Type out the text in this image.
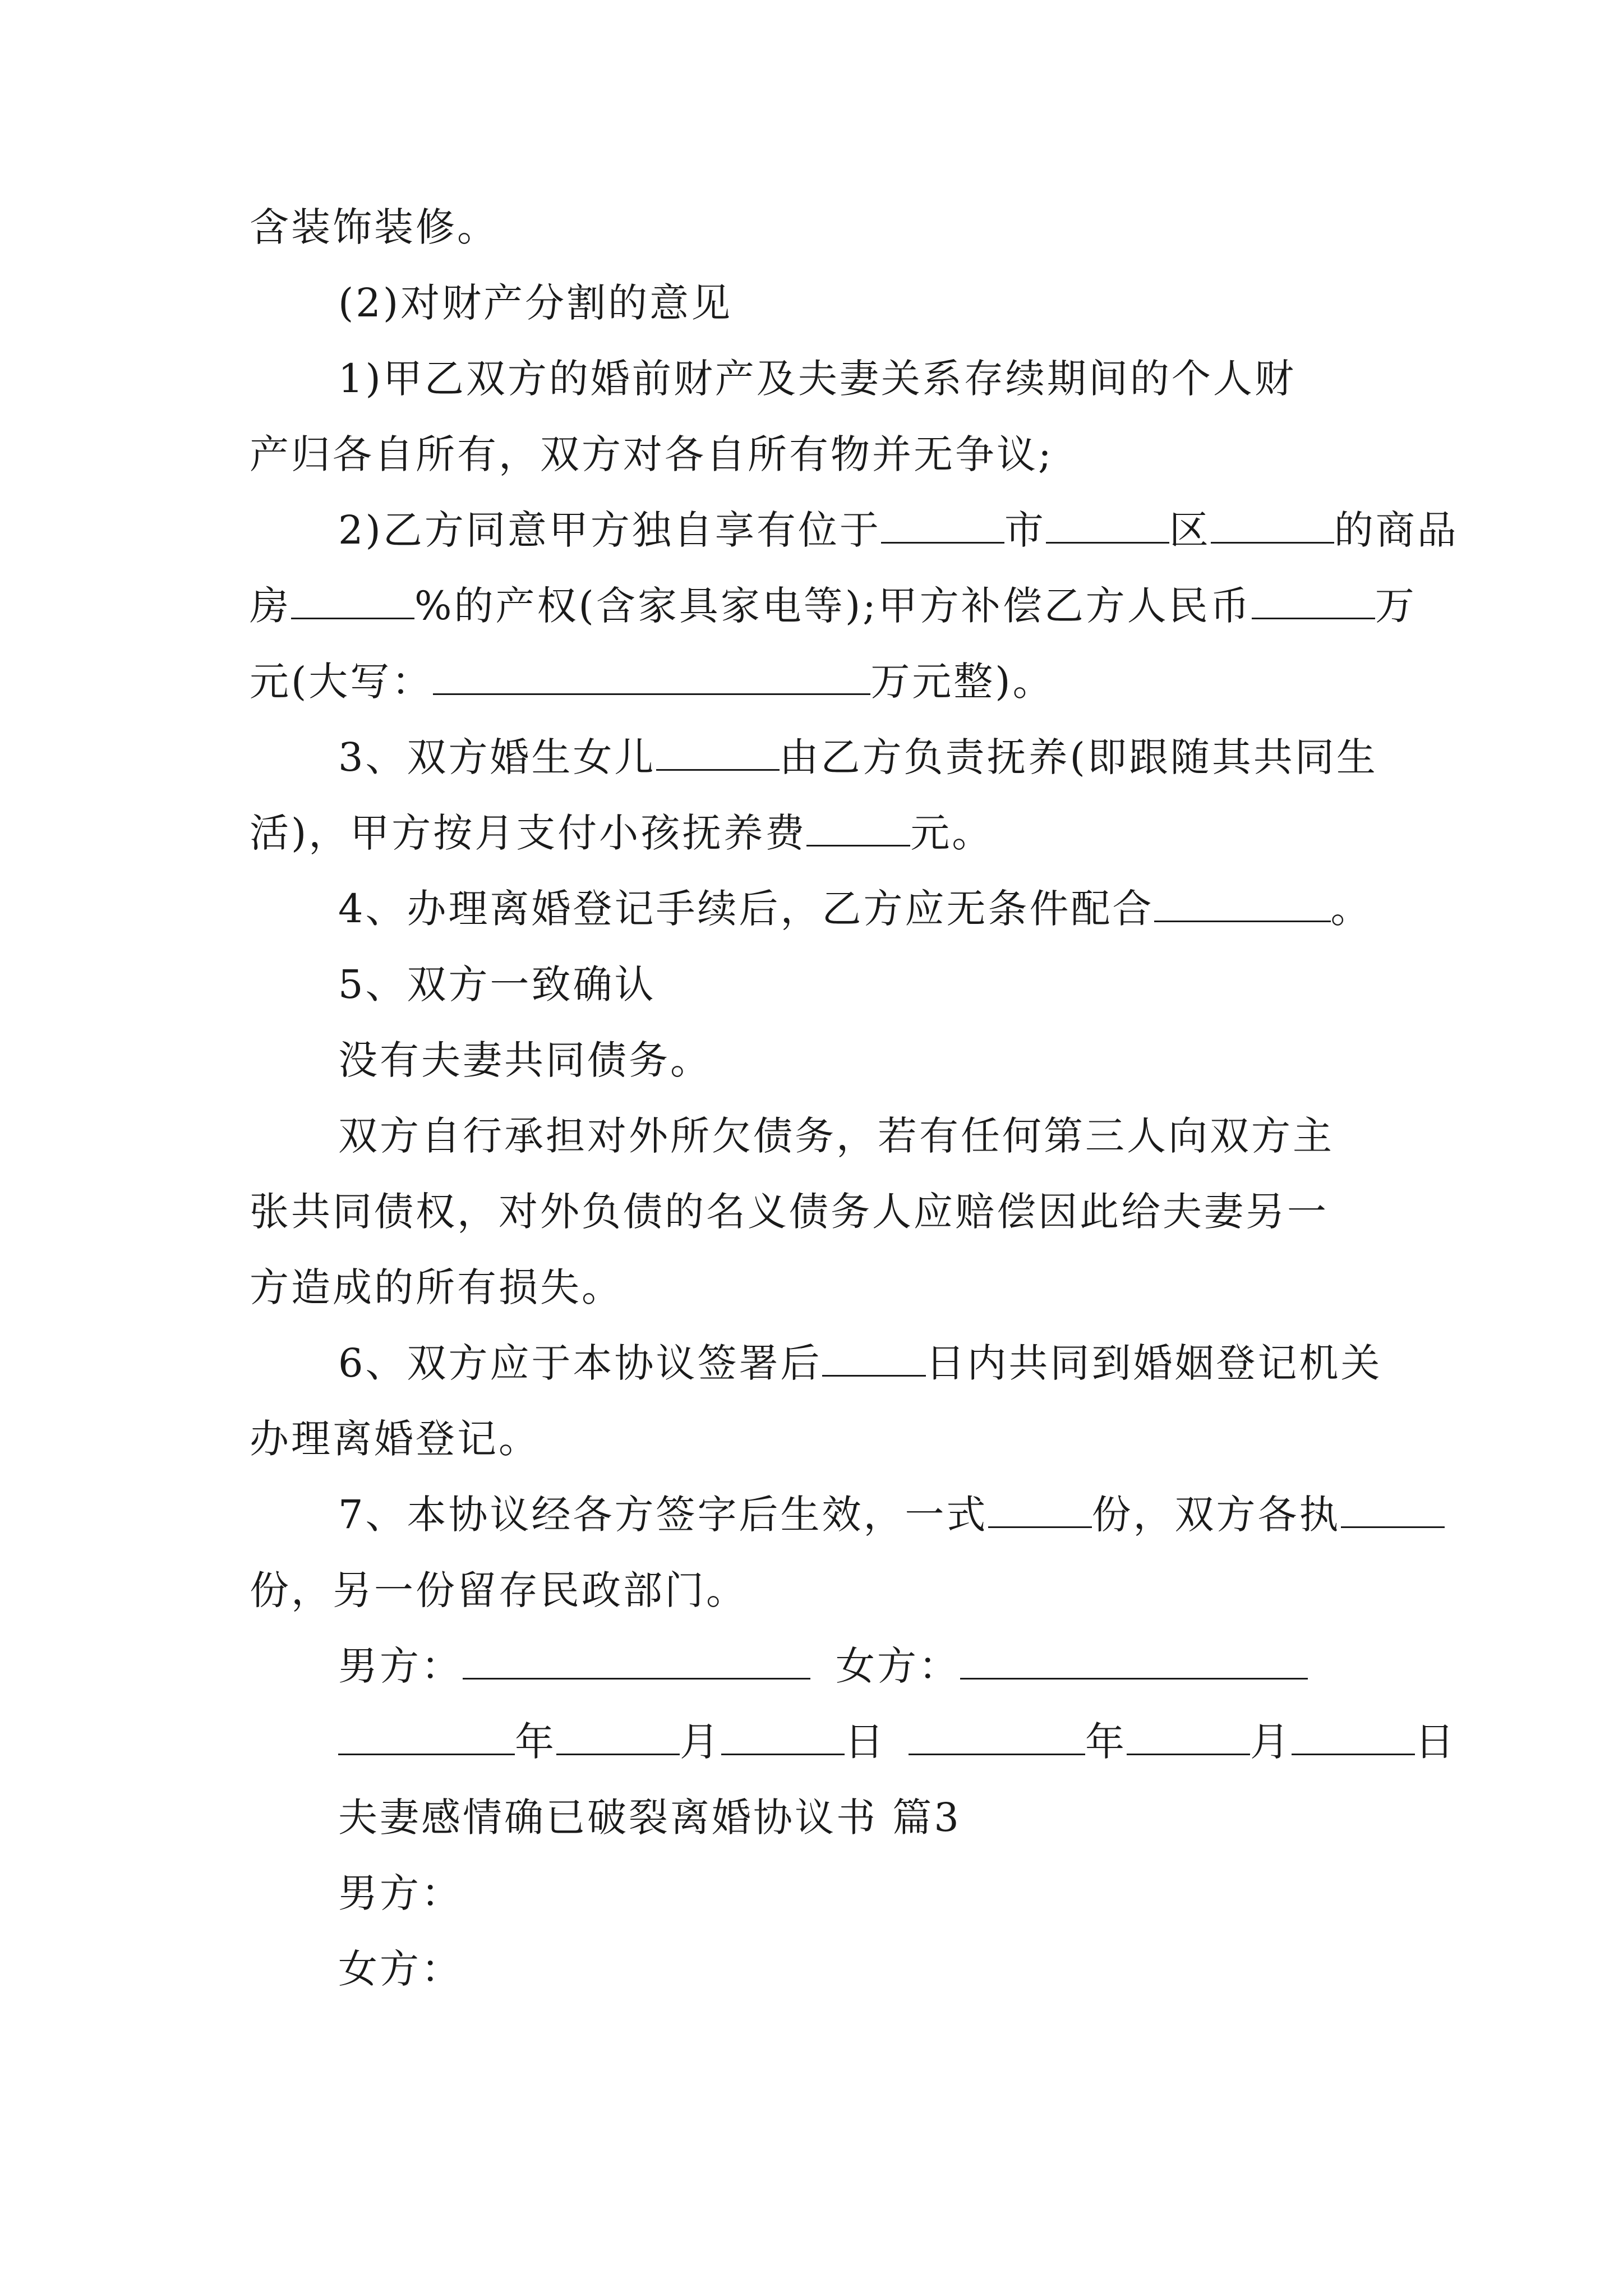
含装饰装修。
(2)对财产分割的意见
1)甲乙双方的婚前财产及夫妻关系存续期间的个人财
产归各自所有，双方对各自所有物并无争议;
2)乙方同意甲方独自享有位于	市	区	的商品
房	%的产权(含家具家电等);甲方补偿乙方人民币	万
元(大写：	万元整)。
3、双方婚生女儿	由乙方负责抚养(即跟随其共同生
活)，甲方按月支付小孩抚养费	元。
4、办理离婚登记手续后，乙方应无条件配合	。
5、双方一致确认
没有夫妻共同债务。
双方自行承担对外所欠债务，若有任何第三人向双方主
张共同债权，对外负债的名义债务人应赔偿因此给夫妻另一
方造成的所有损失。
6、双方应于本协议签署后	日内共同到婚姻登记机关
办理离婚登记。
7、本协议经各方签字后生效，一式	份，双方各执
份，另一份留存民政部门。
男方：	女方：
年	月	日	年	月	日
夫妻感情确已破裂离婚协议书 篇3
男方：
女方：
